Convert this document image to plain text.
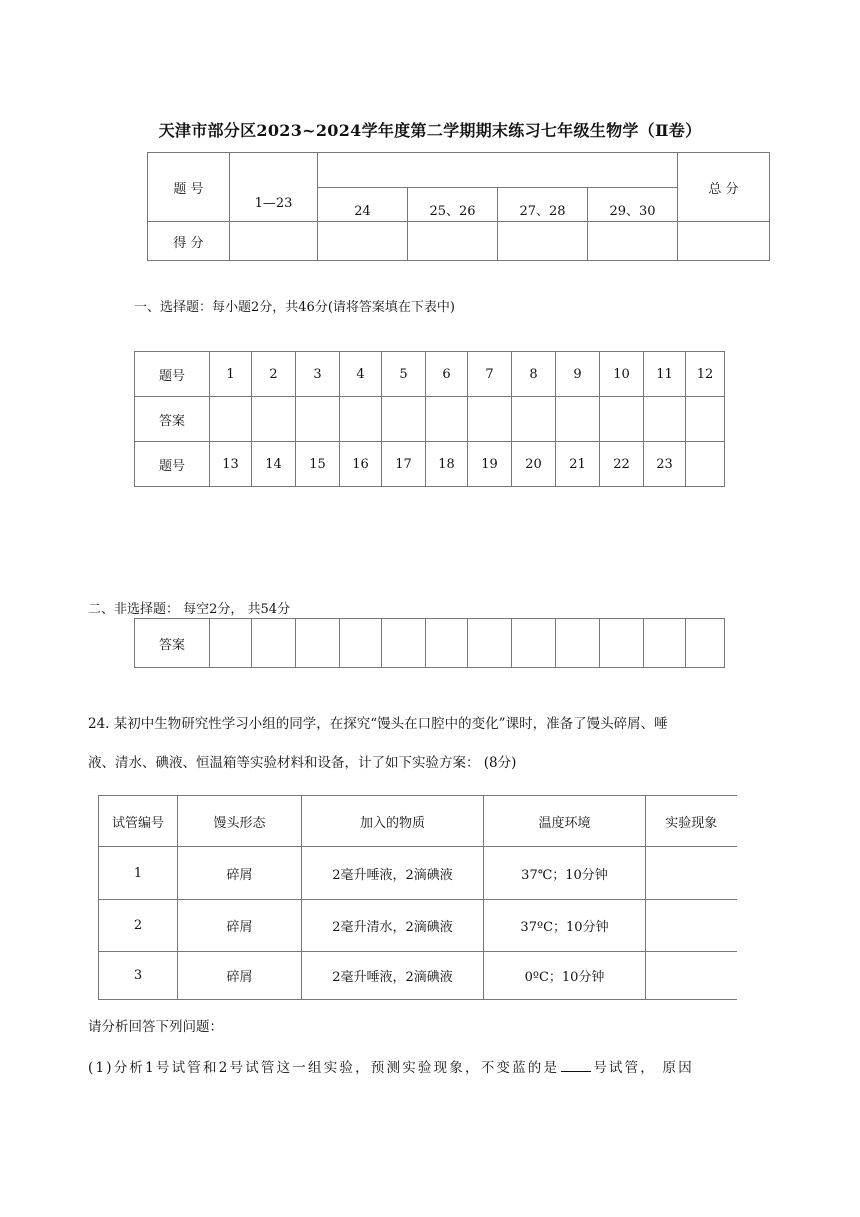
天津市部分区2023~2024学年度第二学期期末练习七年级生物学（Ⅱ卷）
题 号						总 分
	1—23	24	25、26	27、28	29、30	
得 分						
一、选择题：每小题2分，共46分(请将答案填在下表中)
题号	1	2	3	4	5	6	7	8	9	10	11	12
答案												
题号	13	14	15	16	17	18	19	20	21	22	23	
二、非选择题： 每空2分， 共54分
答案												
24. 某初中生物研究性学习小组的同学，在探究“馒头在口腔中的变化”课时，准备了馒头碎屑、唾
液、清水、碘液、恒温箱等实验材料和设备，计了如下实验方案： (8分)
试管编号	馒头形态	加入的物质	温度环境	实验现象
1	碎屑	2毫升唾液，2滴碘液	37℃；10分钟	
2	碎屑	2毫升清水，2滴碘液	37ºC；10分钟	
3	碎屑	2毫升唾液，2滴碘液	0ºC；10分钟	
请分析回答下列问题：
(1)分析1号试管和2号试管这一组实验，预测实验现象，不变蓝的是	号试管， 原因
